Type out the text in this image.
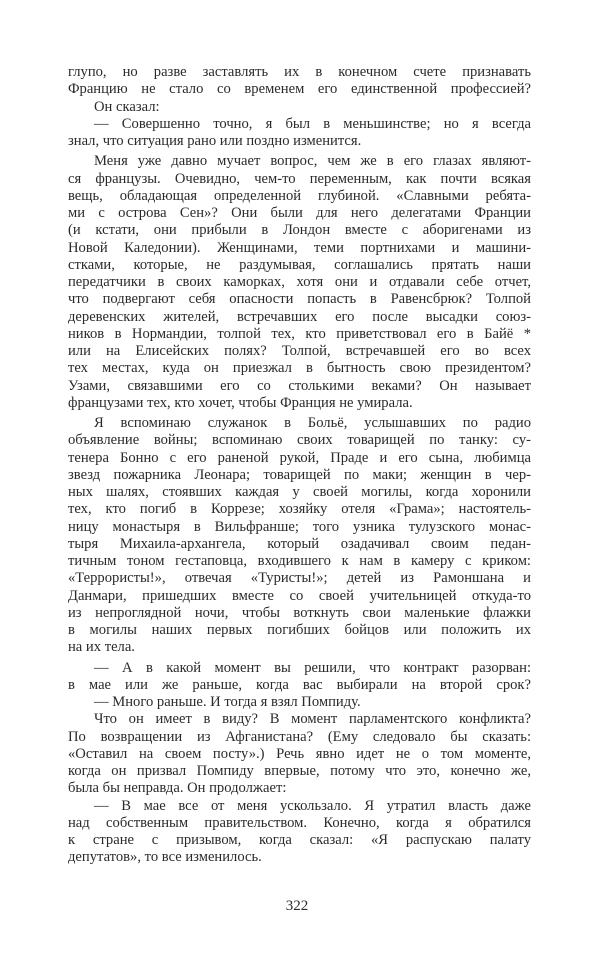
глупо, но разве заставлять их в конечном счете признавать
Францию не стало со временем его единственной профессией?
Он сказал:
— Совершенно точно, я был в меньшинстве; но я всегда
знал, что ситуация рано или поздно изменится.
Меня уже давно мучает вопрос, чем же в его глазах являют-
ся французы. Очевидно, чем-то переменным, как почти всякая
вещь, обладающая определенной глубиной. «Славными ребята-
ми с острова Сен»? Они были для него делегатами Франции
(и кстати, они прибыли в Лондон вместе с аборигенами из
Новой Каледонии). Женщинами, теми портнихами и машини-
стками, которые, не раздумывая, соглашались прятать наши
передатчики в своих каморках, хотя они и отдавали себе отчет,
что подвергают себя опасности попасть в Равенсбрюк? Толпой
деревенских жителей, встречавших его после высадки союз-
ников в Нормандии, толпой тех, кто приветствовал его в Байё *
или на Елисейских полях? Толпой, встречавшей его во всех
тех местах, куда он приезжал в бытность свою президентом?
Узами, связавшими его со столькими веками? Он называет
французами тех, кто хочет, чтобы Франция не умирала.
Я вспоминаю служанок в Больё, услышавших по радио
объявление войны; вспоминаю своих товарищей по танку: су-
тенера Бонно с его раненой рукой, Праде и его сына, любимца
звезд пожарника Леонара; товарищей по маки; женщин в чер-
ных шалях, стоявших каждая у своей могилы, когда хоронили
тех, кто погиб в Коррезе; хозяйку отеля «Грама»; настоятель-
ницу монастыря в Вильфранше; того узника тулузского монас-
тыря Михаила-архангела, который озадачивал своим педан-
тичным тоном гестаповца, входившего к нам в камеру с криком:
«Террористы!», отвечая «Туристы!»; детей из Рамоншана и
Данмари, пришедших вместе со своей учительницей откуда-то
из непроглядной ночи, чтобы воткнуть свои маленькие флажки
в могилы наших первых погибших бойцов или положить их
на их тела.
— А в какой момент вы решили, что контракт разорван:
в мае или же раньше, когда вас выбирали на второй срок?
— Много раньше. И тогда я взял Помпиду.
Что он имеет в виду? В момент парламентского конфликта?
По возвращении из Афганистана? (Ему следовало бы сказать:
«Оставил на своем посту».) Речь явно идет не о том моменте,
когда он призвал Помпиду впервые, потому что это, конечно же,
была бы неправда. Он продолжает:
— В мае все от меня ускользало. Я утратил власть даже
над собственным правительством. Конечно, когда я обратился
к стране с призывом, когда сказал: «Я распускаю палату
депутатов», то все изменилось.
322
